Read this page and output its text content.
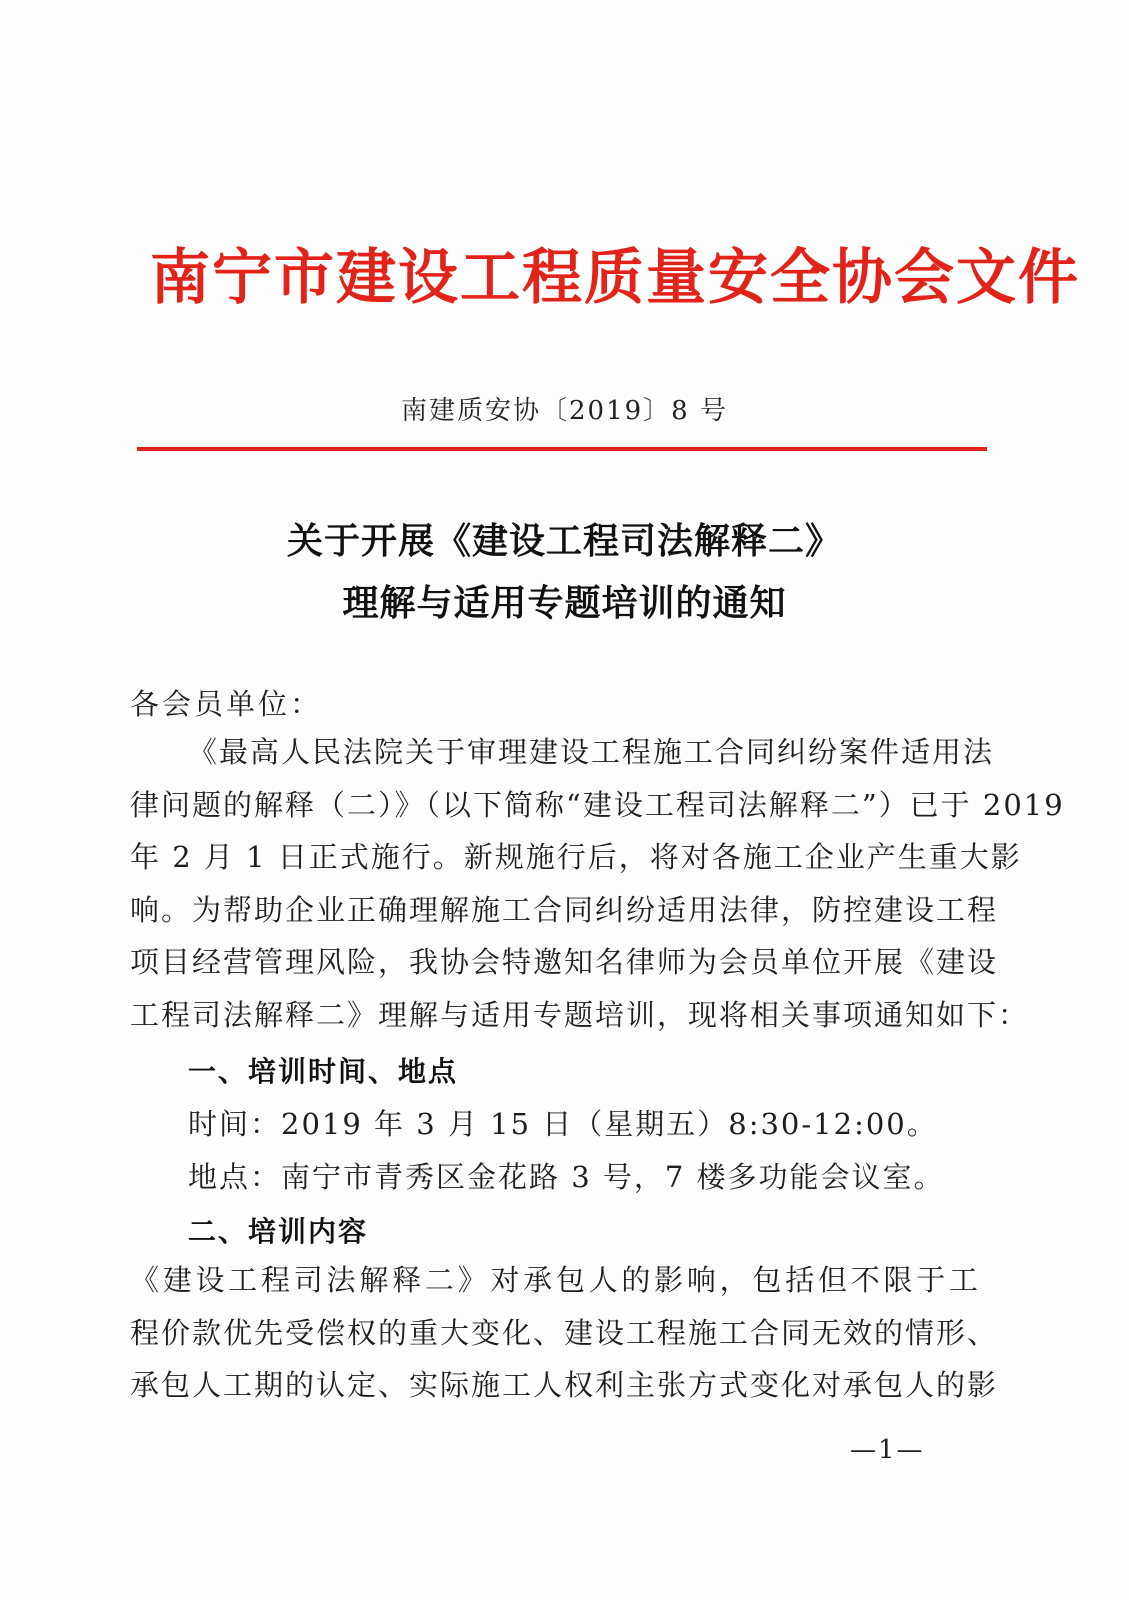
南宁市建设工程质量安全协会文件
南建质安协〔2019〕8 号
关于开展《建设工程司法解释二》
理解与适用专题培训的通知
各会员单位：
《最高人民法院关于审理建设工程施工合同纠纷案件适用法
律问题的解释（二）》（以下简称“建设工程司法解释二”）已于 2019
年 2 月 1 日正式施行。新规施行后，将对各施工企业产生重大影
响。为帮助企业正确理解施工合同纠纷适用法律，防控建设工程
项目经营管理风险，我协会特邀知名律师为会员单位开展《建设
工程司法解释二》理解与适用专题培训，现将相关事项通知如下：
一、培训时间、地点
时间：2019 年 3 月 15 日（星期五）8:30-12:00。
地点：南宁市青秀区金花路 3 号，7 楼多功能会议室。
二、培训内容
《建设工程司法解释二》对承包人的影响，包括但不限于工
程价款优先受偿权的重大变化、建设工程施工合同无效的情形、
承包人工期的认定、实际施工人权利主张方式变化对承包人的影
—1—
